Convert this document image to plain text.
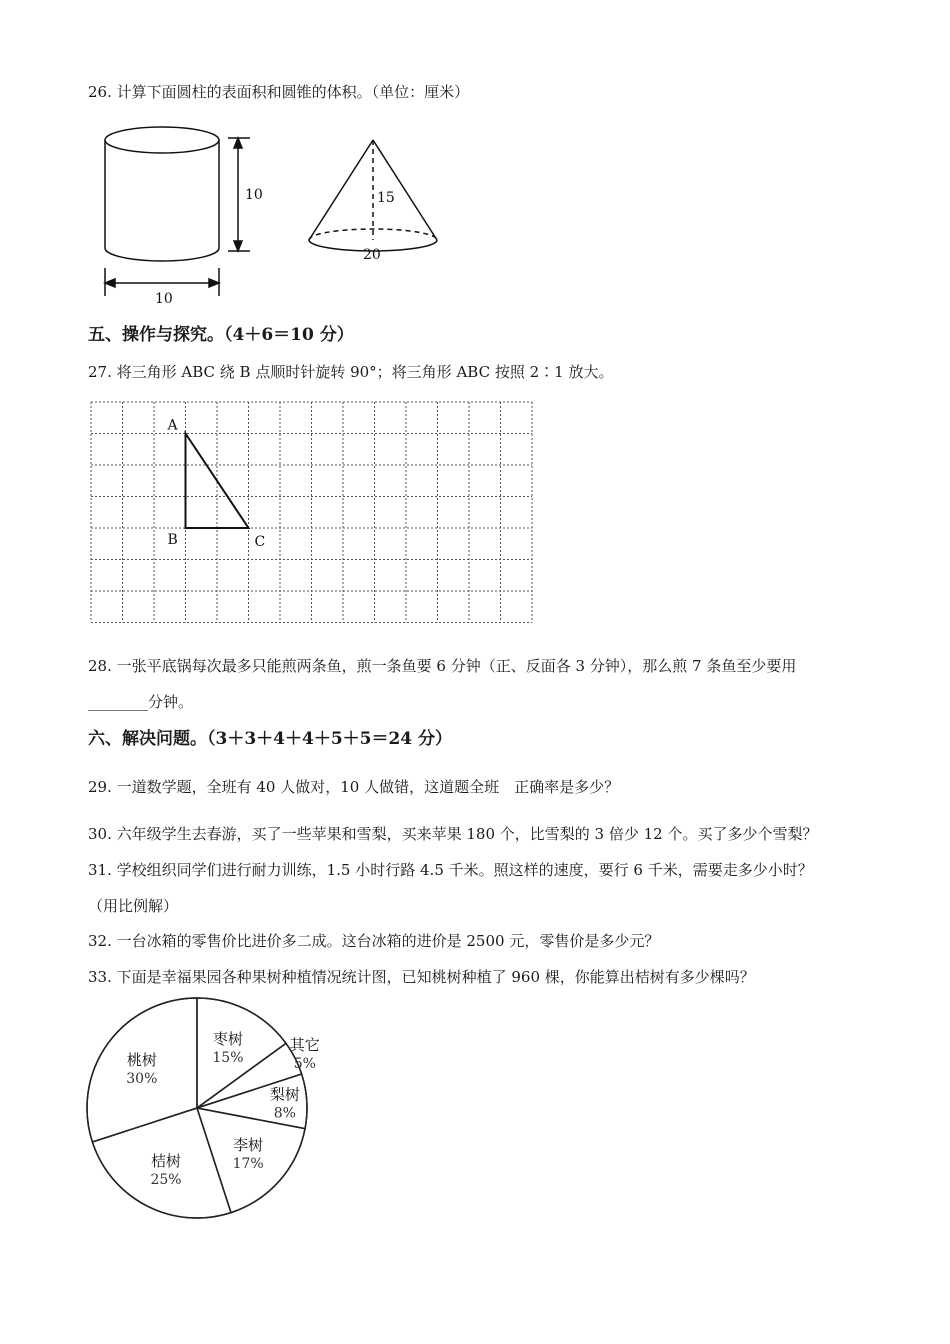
26. 计算下面圆柱的表面积和圆锥的体积。（单位：厘米）
10
10
15
20
五、操作与探究。（4＋6＝10 分）
27. 将三角形 ABC 绕 B 点顺时针旋转 90°；将三角形 ABC 按照 2∶1 放大。
A
B	C
28. 一张平底锅每次最多只能煎两条鱼，煎一条鱼要 6 分钟（正、反面各 3 分钟），那么煎 7 条鱼至少要用
________分钟。
六、解决问题。（3＋3＋4＋4＋5＋5＝24 分）
29. 一道数学题，全班有 40 人做对，10 人做错，这道题全班　正确率是多少？
30. 六年级学生去春游，买了一些苹果和雪梨，买来苹果 180 个，比雪梨的 3 倍少 12 个。买了多少个雪梨？
31. 学校组织同学们进行耐力训练，1.5 小时行路 4.5 千米。照这样的速度，要行 6 千米，需要走多少小时？
（用比例解）
32. 一台冰箱的零售价比进价多二成。这台冰箱的进价是 2500 元，零售价是多少元？
33. 下面是幸福果园各种果树种植情况统计图，已知桃树种植了 960 棵，你能算出桔树有多少棵吗？
枣树
15%
其它
5%
梨树
8%
李树
17%
桔树
25%
桃树
30%
